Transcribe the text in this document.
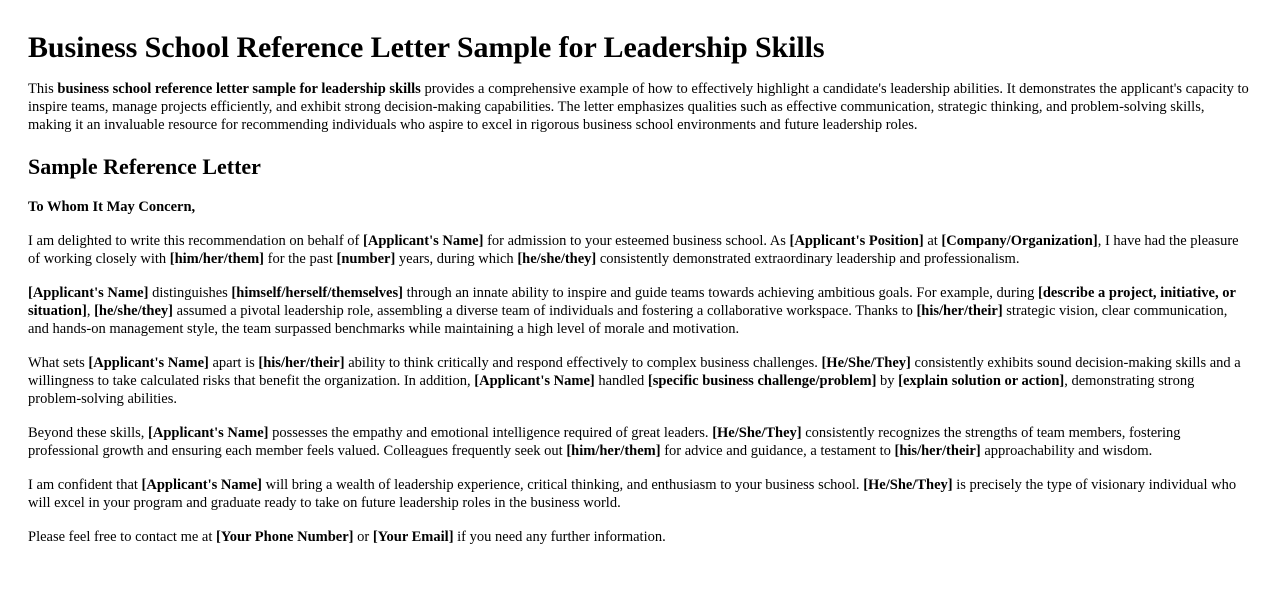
Business School Reference Letter Sample for Leadership Skills

This business school reference letter sample for leadership skills provides a comprehensive example of how to effectively highlight a candidate's leadership abilities. It demonstrates the applicant's capacity to inspire teams, manage projects efficiently, and exhibit strong decision-making capabilities. The letter emphasizes qualities such as effective communication, strategic thinking, and problem-solving skills, making it an invaluable resource for recommending individuals who aspire to excel in rigorous business school environments and future leadership roles.

Sample Reference Letter

To Whom It May Concern,

I am delighted to write this recommendation on behalf of [Applicant's Name] for admission to your esteemed business school. As [Applicant's Position] at [Company/Organization], I have had the pleasure of working closely with [him/her/them] for the past [number] years, during which [he/she/they] consistently demonstrated extraordinary leadership and professionalism.

[Applicant's Name] distinguishes [himself/herself/themselves] through an innate ability to inspire and guide teams towards achieving ambitious goals. For example, during [describe a project, initiative, or situation], [he/she/they] assumed a pivotal leadership role, assembling a diverse team of individuals and fostering a collaborative workspace. Thanks to [his/her/their] strategic vision, clear communication, and hands-on management style, the team surpassed benchmarks while maintaining a high level of morale and motivation.

What sets [Applicant's Name] apart is [his/her/their] ability to think critically and respond effectively to complex business challenges. [He/She/They] consistently exhibits sound decision-making skills and a willingness to take calculated risks that benefit the organization. In addition, [Applicant's Name] handled [specific business challenge/problem] by [explain solution or action], demonstrating strong problem-solving abilities.

Beyond these skills, [Applicant's Name] possesses the empathy and emotional intelligence required of great leaders. [He/She/They] consistently recognizes the strengths of team members, fostering professional growth and ensuring each member feels valued. Colleagues frequently seek out [him/her/them] for advice and guidance, a testament to [his/her/their] approachability and wisdom.

I am confident that [Applicant's Name] will bring a wealth of leadership experience, critical thinking, and enthusiasm to your business school. [He/She/They] is precisely the type of visionary individual who will excel in your program and graduate ready to take on future leadership roles in the business world.

Please feel free to contact me at [Your Phone Number] or [Your Email] if you need any further information.
